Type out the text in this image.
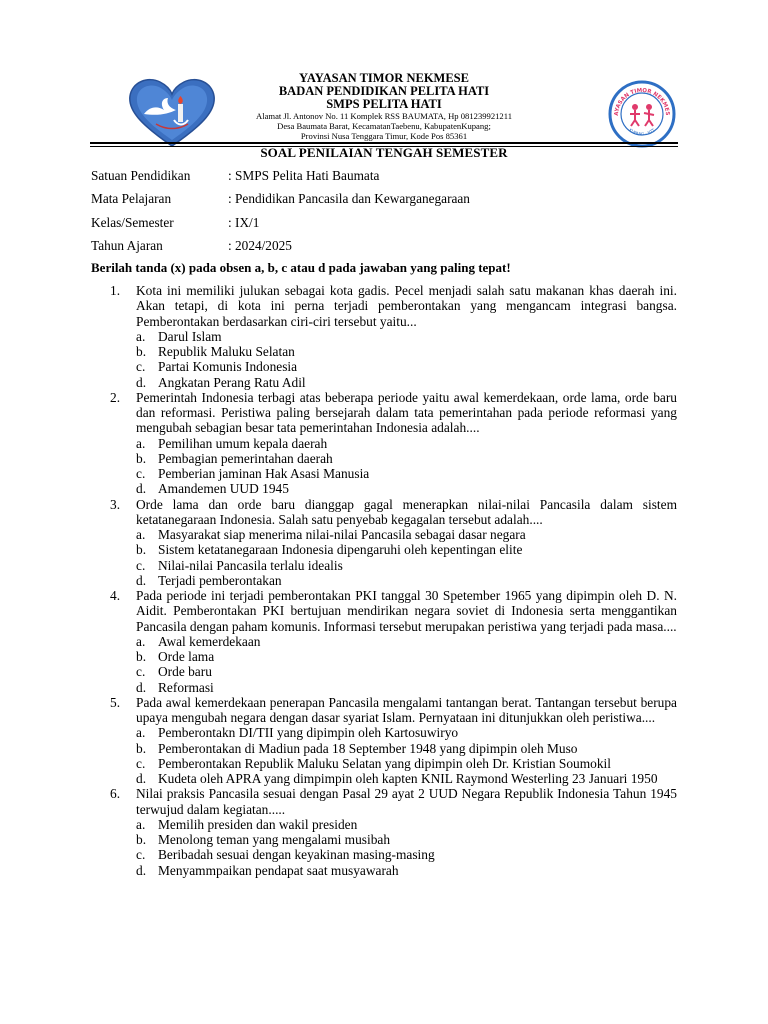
YAYASAN TIMOR NEKMESE
BADAN PENDIDIKAN PELITA HATI
SMPS PELITA HATI
Alamat Jl. Antonov No. 11 Komplek RSS BAUMATA, Hp 081239921211
Desa Baumata Barat, KecamatanTaebenu, KabupatenKupang;
Provinsi Nusa Tenggara Timur, Kode Pos 85361
AYASAN TIMOR NEKMES
KUPANG - NTT
SOAL PENILAIAN TENGAH SEMESTER
Satuan Pendidikan	: SMPS Pelita Hati Baumata
Mata Pelajaran	: Pendidikan Pancasila dan Kewarganegaraan
Kelas/Semester	: IX/1
Tahun Ajaran	: 2024/2025
Berilah tanda (x) pada obsen a, b, c atau d pada jawaban yang paling tepat!
1. Kota ini memiliki julukan sebagai kota gadis. Pecel menjadi salah satu makanan khas daerah ini. Akan tetapi, di kota ini perna terjadi pemberontakan yang mengancam integrasi bangsa. Pemberontakan berdasarkan ciri-ciri tersebut yaitu...
a. Darul Islam
b. Republik Maluku Selatan
c. Partai Komunis Indonesia
d. Angkatan Perang Ratu Adil
2. Pemerintah Indonesia terbagi atas beberapa periode yaitu awal kemerdekaan, orde lama, orde baru dan reformasi. Peristiwa paling bersejarah dalam tata pemerintahan pada periode reformasi yang mengubah sebagian besar tata pemerintahan Indonesia adalah....
a. Pemilihan umum kepala daerah
b. Pembagian pemerintahan daerah
c. Pemberian jaminan Hak Asasi Manusia
d. Amandemen UUD 1945
3. Orde lama dan orde baru dianggap gagal menerapkan nilai-nilai Pancasila dalam sistem ketatanegaraan Indonesia. Salah satu penyebab kegagalan tersebut adalah....
a. Masyarakat siap menerima nilai-nilai Pancasila sebagai dasar negara
b. Sistem ketatanegaraan Indonesia dipengaruhi oleh kepentingan elite
c. Nilai-nilai Pancasila terlalu idealis
d. Terjadi pemberontakan
4. Pada periode ini terjadi pemberontakan PKI tanggal 30 Spetember 1965 yang dipimpin oleh D. N. Aidit. Pemberontakan PKI bertujuan mendirikan negara soviet di Indonesia serta menggantikan Pancasila dengan paham komunis. Informasi tersebut merupakan peristiwa yang terjadi pada masa....
a. Awal kemerdekaan
b. Orde lama
c. Orde baru
d. Reformasi
5. Pada awal kemerdekaan penerapan Pancasila mengalami tantangan berat. Tantangan tersebut berupa upaya mengubah negara dengan dasar syariat Islam. Pernyataan ini ditunjukkan oleh peristiwa....
a. Pemberontakn DI/TII yang dipimpin oleh Kartosuwiryo
b. Pemberontakan di Madiun pada 18 September 1948 yang dipimpin oleh Muso
c. Pemberontakan Republik Maluku Selatan yang dipimpin oleh Dr. Kristian Soumokil
d. Kudeta oleh APRA yang dimpimpin oleh kapten KNIL Raymond Westerling 23 Januari 1950
6. Nilai praksis Pancasila sesuai dengan Pasal 29 ayat 2 UUD Negara Republik Indonesia Tahun 1945 terwujud dalam kegiatan.....
a. Memilih presiden dan wakil presiden
b. Menolong teman yang mengalami musibah
c. Beribadah sesuai dengan keyakinan masing-masing
d. Menyammpaikan pendapat saat musyawarah
